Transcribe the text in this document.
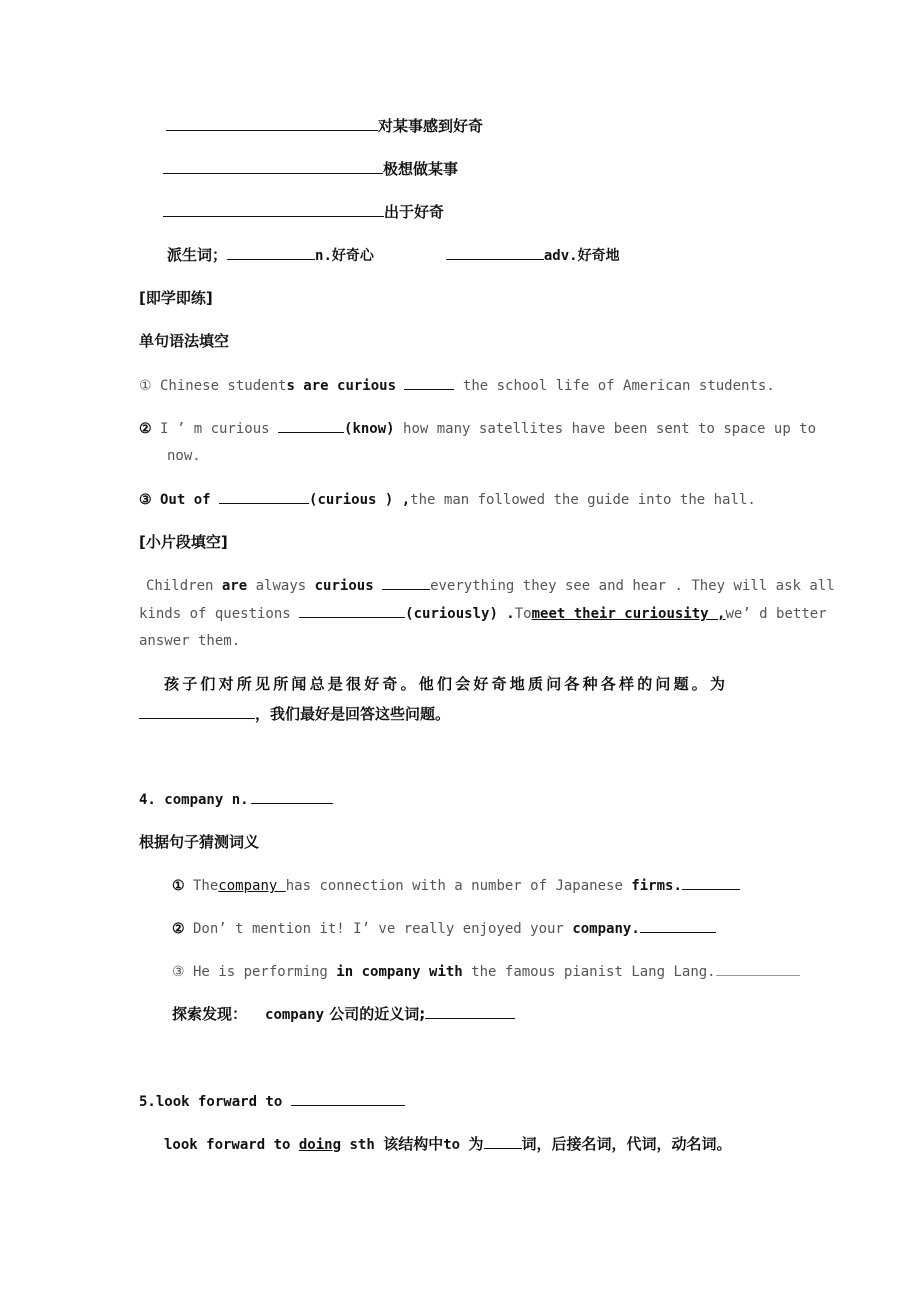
对某事感到好奇
极想做某事
出于好奇
派生词；	n.好奇心	adv.好奇地
[即学即练]
单句语法填空
① Chinese students are curious	the school life of American students.
② I ’ m curious	(know) how many satellites have been sent to space up to
now.
③ Out of	(curious ) ,the man followed the guide into the hall.
[小片段填空]
Children are always curious	everything they see and hear . They will ask all
kinds of questions	(curiously) .Tomeet their curiousity ,we’ d better
answer them.
孩子们对所见所闻总是很好奇。他们会好奇地质问各种各样的问题。为
，我们最好是回答这些问题。
4. company n.
根据句子猜测词义
① Thecompany has connection with a number of Japanese firms.
② Don’ t mention it! I’ ve really enjoyed your company.
③ He is performing in company with the famous pianist Lang Lang.
探索发现： company 公司的近义词;
5.look forward to
look forward to doing sth 该结构中to 为	词，后接名词，代词，动名词。
